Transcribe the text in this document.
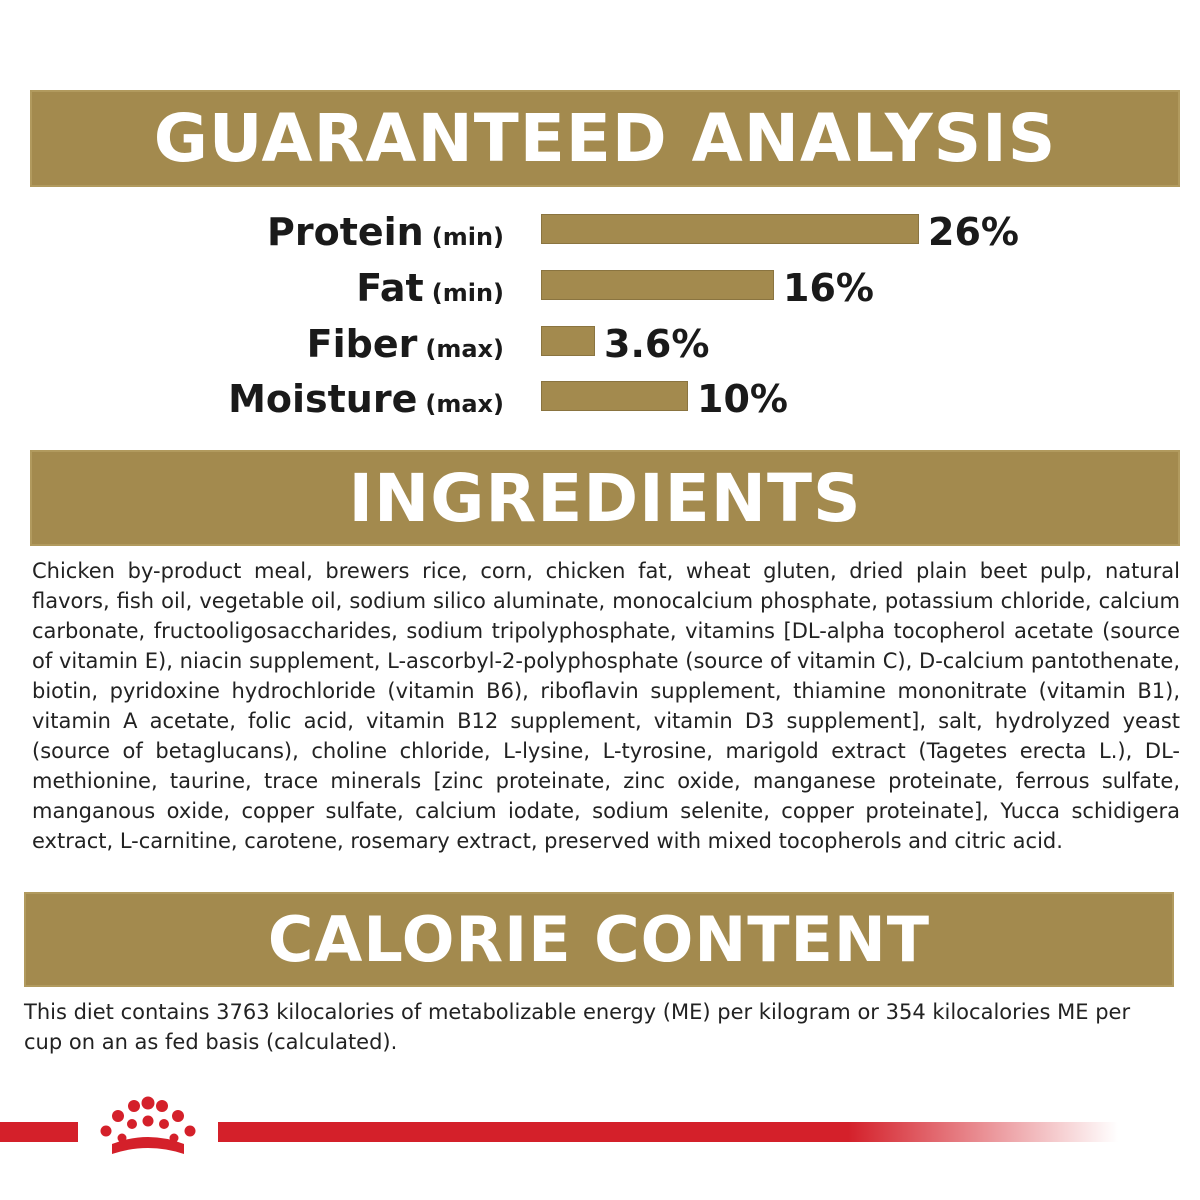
GUARANTEED ANALYSIS
Protein (min)	26%
Fat (min)	16%
Fiber (max)	3.6%
Moisture (max)	10%
INGREDIENTS
Chicken by-product meal, brewers rice, corn, chicken fat, wheat gluten, dried plain beet pulp, natural flavors, fish oil, vegetable oil, sodium silico aluminate, monocalcium phosphate, potassium chloride, calcium carbonate, fructooligosaccharides, sodium tripolyphosphate, vitamins [DL-alpha tocopherol acetate (source of vitamin E), niacin supplement, L-ascorbyl-2-polyphosphate (source of vitamin C), D-calcium pantothenate, biotin, pyridoxine hydrochloride (vitamin B6), riboflavin supplement, thiamine mononitrate (vitamin B1), vitamin A acetate, folic acid, vitamin B12 supplement, vitamin D3 supplement], salt, hydrolyzed yeast (source of betaglucans), choline chloride, L-lysine, L-tyrosine, marigold extract (Tagetes erecta L.), DL-methionine, taurine, trace minerals [zinc proteinate, zinc oxide, manganese proteinate, ferrous sulfate, manganous oxide, copper sulfate, calcium iodate, sodium selenite, copper proteinate], Yucca schidigera extract, L-carnitine, carotene, rosemary extract, preserved with mixed tocopherols and citric acid.
CALORIE CONTENT
This diet contains 3763 kilocalories of metabolizable energy (ME) per kilogram or 354 kilocalories ME per cup on an as fed basis (calculated).
